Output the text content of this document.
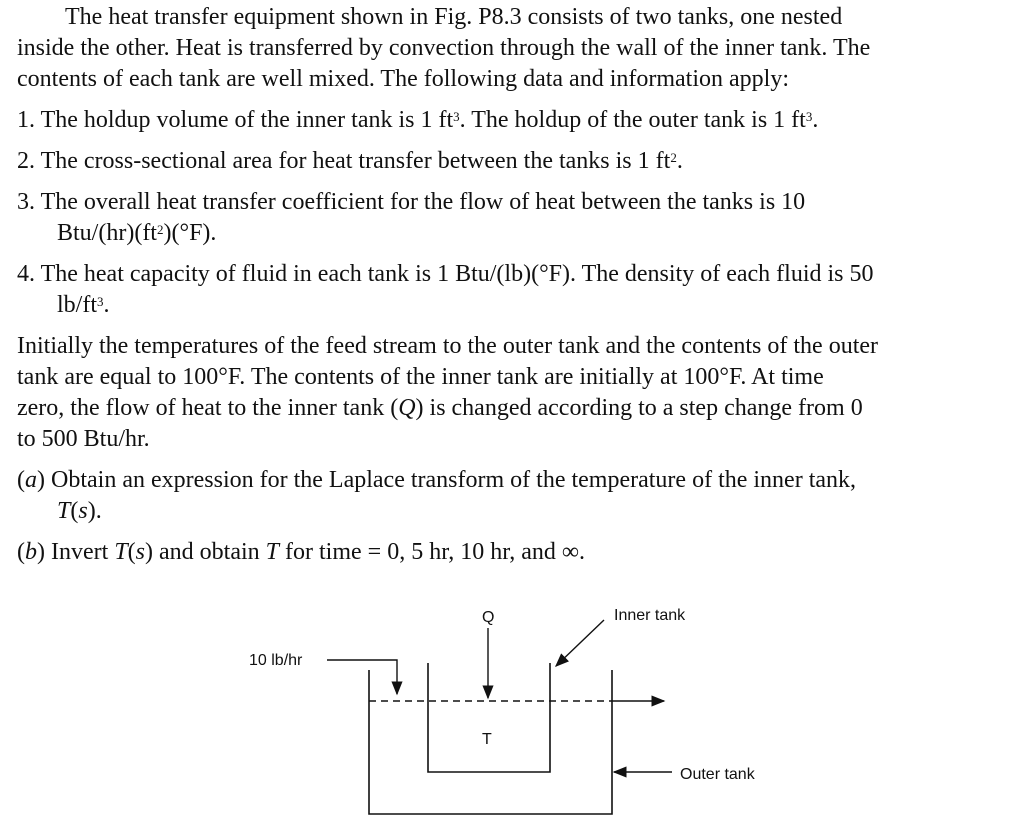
The heat transfer equipment shown in Fig. P8.3 consists of two tanks, one nested
inside the other. Heat is transferred by convection through the wall of the inner tank. The
contents of each tank are well mixed. The following data and information apply:

1. The holdup volume of the inner tank is 1 $ft^3$. The holdup of the outer tank is 1 $ft^3$.

2. The cross-sectional area for heat transfer between the tanks is 1 $ft^2$.

3. The overall heat transfer coefficient for the flow of heat between the tanks is 10
Btu/$(hr)(ft^2)(^\circ F)$.

4. The heat capacity of fluid in each tank is 1 Btu/(lb)(°F). The density of each fluid is 50
$lb/ft^3$.

Initially the temperatures of the feed stream to the outer tank and the contents of the outer
tank are equal to 100°F. The contents of the inner tank are initially at 100°F. At time
zero, the flow of heat to the inner tank (Q) is changed according to a step change from 0
to 500 Btu/hr.

(a) Obtain an expression for the Laplace transform of the temperature of the inner tank,
T(s).

(b) Invert T(s) and obtain T for time = 0, 5 hr, 10 hr, and ∞.

Q	Inner tank
10 lb/hr
T
Outer tank
